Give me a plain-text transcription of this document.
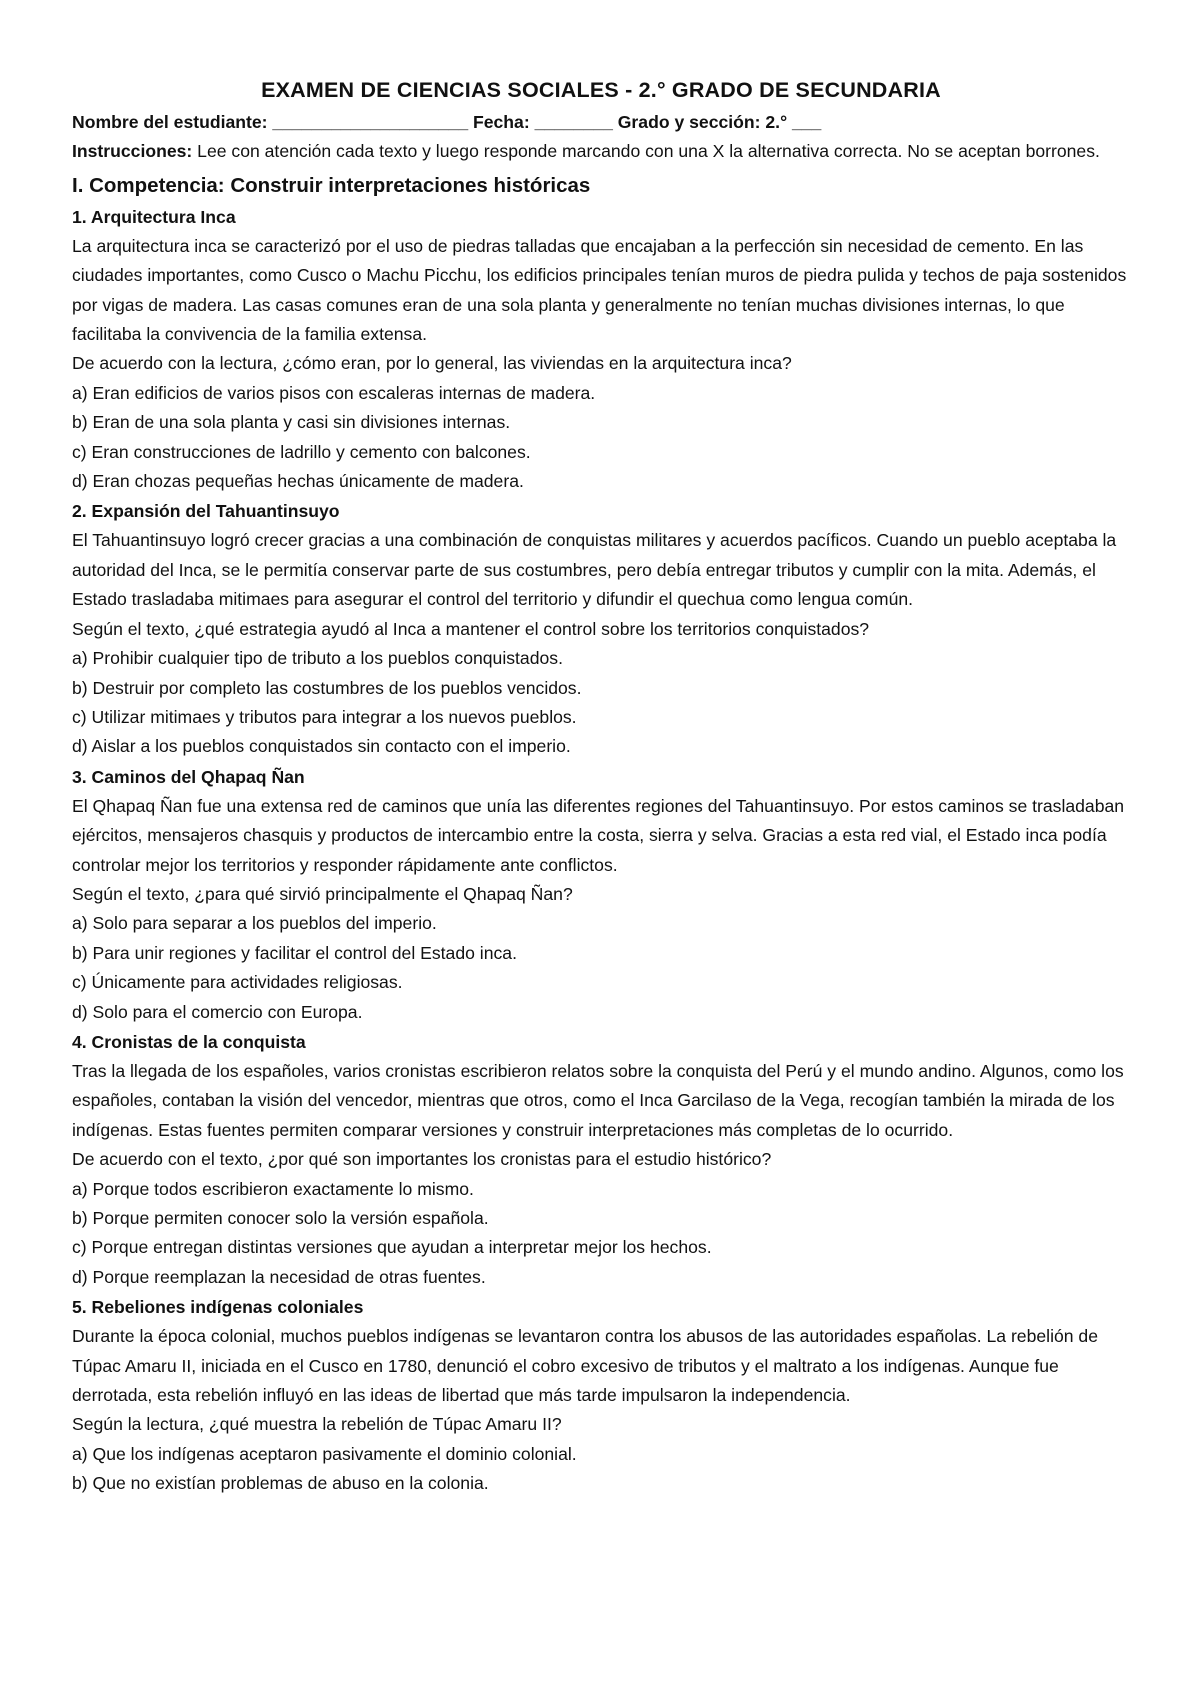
EXAMEN DE CIENCIAS SOCIALES - 2.° GRADO DE SECUNDARIA

Nombre del estudiante: ____________________ Fecha: ________ Grado y sección: 2.° ___

Instrucciones: Lee con atención cada texto y luego responde marcando con una X la alternativa correcta. No se aceptan borrones.

I. Competencia: Construir interpretaciones históricas

1. Arquitectura Inca

La arquitectura inca se caracterizó por el uso de piedras talladas que encajaban a la perfección sin necesidad de cemento. En las ciudades importantes, como Cusco o Machu Picchu, los edificios principales tenían muros de piedra pulida y techos de paja sostenidos por vigas de madera. Las casas comunes eran de una sola planta y generalmente no tenían muchas divisiones internas, lo que facilitaba la convivencia de la familia extensa.

De acuerdo con la lectura, ¿cómo eran, por lo general, las viviendas en la arquitectura inca?

a) Eran edificios de varios pisos con escaleras internas de madera.
b) Eran de una sola planta y casi sin divisiones internas.
c) Eran construcciones de ladrillo y cemento con balcones.
d) Eran chozas pequeñas hechas únicamente de madera.

2. Expansión del Tahuantinsuyo

El Tahuantinsuyo logró crecer gracias a una combinación de conquistas militares y acuerdos pacíficos. Cuando un pueblo aceptaba la autoridad del Inca, se le permitía conservar parte de sus costumbres, pero debía entregar tributos y cumplir con la mita. Además, el Estado trasladaba mitimaes para asegurar el control del territorio y difundir el quechua como lengua común.

Según el texto, ¿qué estrategia ayudó al Inca a mantener el control sobre los territorios conquistados?

a) Prohibir cualquier tipo de tributo a los pueblos conquistados.
b) Destruir por completo las costumbres de los pueblos vencidos.
c) Utilizar mitimaes y tributos para integrar a los nuevos pueblos.
d) Aislar a los pueblos conquistados sin contacto con el imperio.

3. Caminos del Qhapaq Ñan

El Qhapaq Ñan fue una extensa red de caminos que unía las diferentes regiones del Tahuantinsuyo. Por estos caminos se trasladaban ejércitos, mensajeros chasquis y productos de intercambio entre la costa, sierra y selva. Gracias a esta red vial, el Estado inca podía controlar mejor los territorios y responder rápidamente ante conflictos.

Según el texto, ¿para qué sirvió principalmente el Qhapaq Ñan?

a) Solo para separar a los pueblos del imperio.
b) Para unir regiones y facilitar el control del Estado inca.
c) Únicamente para actividades religiosas.
d) Solo para el comercio con Europa.

4. Cronistas de la conquista

Tras la llegada de los españoles, varios cronistas escribieron relatos sobre la conquista del Perú y el mundo andino. Algunos, como los españoles, contaban la visión del vencedor, mientras que otros, como el Inca Garcilaso de la Vega, recogían también la mirada de los indígenas. Estas fuentes permiten comparar versiones y construir interpretaciones más completas de lo ocurrido.

De acuerdo con el texto, ¿por qué son importantes los cronistas para el estudio histórico?

a) Porque todos escribieron exactamente lo mismo.
b) Porque permiten conocer solo la versión española.
c) Porque entregan distintas versiones que ayudan a interpretar mejor los hechos.
d) Porque reemplazan la necesidad de otras fuentes.

5. Rebeliones indígenas coloniales

Durante la época colonial, muchos pueblos indígenas se levantaron contra los abusos de las autoridades españolas. La rebelión de Túpac Amaru II, iniciada en el Cusco en 1780, denunció el cobro excesivo de tributos y el maltrato a los indígenas. Aunque fue derrotada, esta rebelión influyó en las ideas de libertad que más tarde impulsaron la independencia.

Según la lectura, ¿qué muestra la rebelión de Túpac Amaru II?

a) Que los indígenas aceptaron pasivamente el dominio colonial.
b) Que no existían problemas de abuso en la colonia.
